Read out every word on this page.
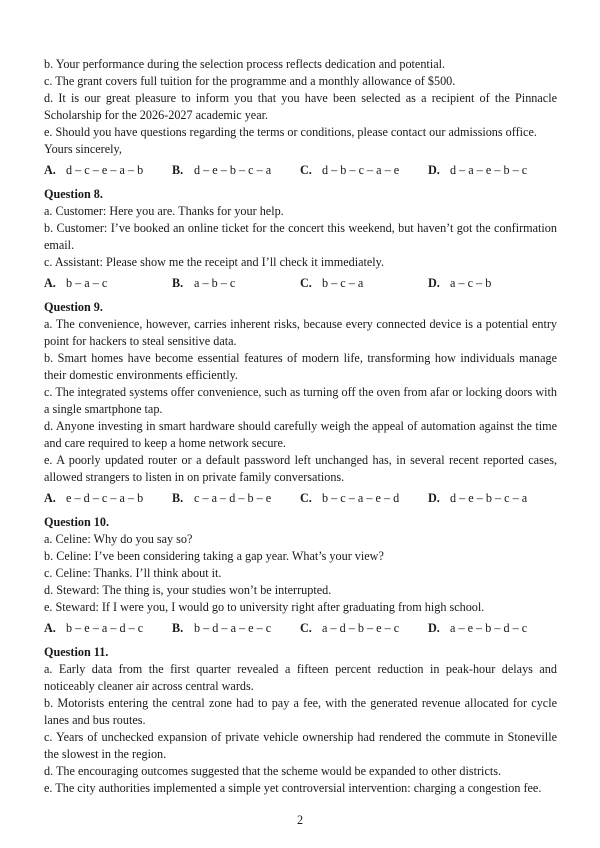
b. Your performance during the selection process reflects dedication and potential.

c. The grant covers full tuition for the programme and a monthly allowance of $500.

d. It is our great pleasure to inform you that you have been selected as a recipient of the Pinnacle Scholarship for the 2026-2027 academic year.

e. Should you have questions regarding the terms or conditions, please contact our admissions office.

Yours sincerely,

A. d – c – e – a – b B. d – e – b – c – a C. d – b – c – a – e D. d – a – e – b – c

Question 8.

a. Customer: Here you are. Thanks for your help.

b. Customer: I’ve booked an online ticket for the concert this weekend, but haven’t got the confirmation email.

c. Assistant: Please show me the receipt and I’ll check it immediately.

A. b – a – c	B. a – b – c	C. b – c – a	D. a – c – b

Question 9.

a. The convenience, however, carries inherent risks, because every connected device is a potential entry point for hackers to steal sensitive data.

b. Smart homes have become essential features of modern life, transforming how individuals manage their domestic environments efficiently.

c. The integrated systems offer convenience, such as turning off the oven from afar or locking doors with a single smartphone tap.

d. Anyone investing in smart hardware should carefully weigh the appeal of automation against the time and care required to keep a home network secure.

e. A poorly updated router or a default password left unchanged has, in several recent reported cases, allowed strangers to listen in on private family conversations.

A. e – d – c – a – b B. c – a – d – b – e C. b – c – a – e – d D. d – e – b – c – a

Question 10.

a. Celine: Why do you say so?

b. Celine: I’ve been considering taking a gap year. What’s your view?

c. Celine: Thanks. I’ll think about it.

d. Steward: The thing is, your studies won’t be interrupted.

e. Steward: If I were you, I would go to university right after graduating from high school.

A. b – e – a – d – c B. b – d – a – e – c C. a – d – b – e – c D. a – e – b – d – c

Question 11.

a. Early data from the first quarter revealed a fifteen percent reduction in peak-hour delays and noticeably cleaner air across central wards.

b. Motorists entering the central zone had to pay a fee, with the generated revenue allocated for cycle lanes and bus routes.

c. Years of unchecked expansion of private vehicle ownership had rendered the commute in Stoneville the slowest in the region.

d. The encouraging outcomes suggested that the scheme would be expanded to other districts.

e. The city authorities implemented a simple yet controversial intervention: charging a congestion fee.

2
